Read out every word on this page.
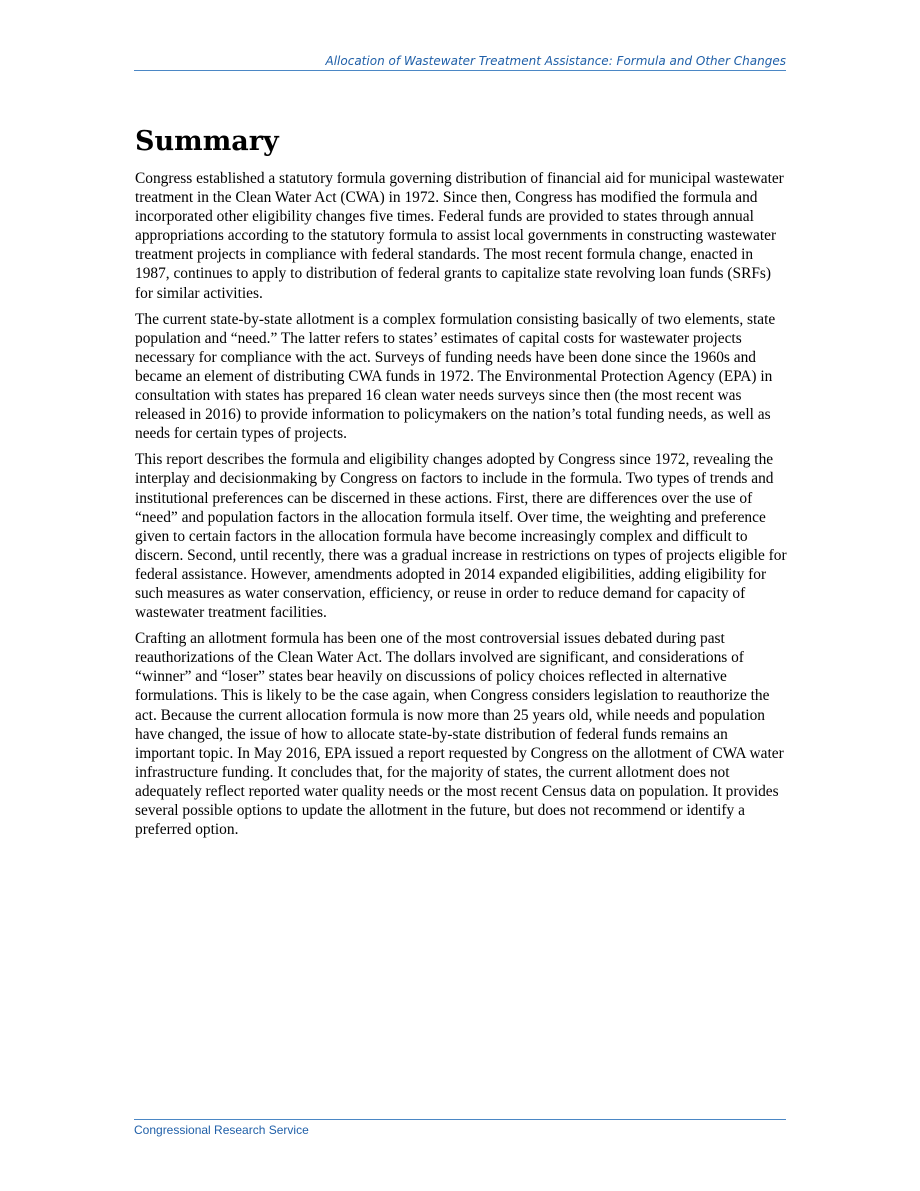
Allocation of Wastewater Treatment Assistance: Formula and Other Changes
Summary

Congress established a statutory formula governing distribution of financial aid for municipal wastewater treatment in the Clean Water Act (CWA) in 1972. Since then, Congress has modified the formula and incorporated other eligibility changes five times. Federal funds are provided to states through annual appropriations according to the statutory formula to assist local governments in constructing wastewater treatment projects in compliance with federal standards. The most recent formula change, enacted in 1987, continues to apply to distribution of federal grants to capitalize state revolving loan funds (SRFs) for similar activities.

The current state-by-state allotment is a complex formulation consisting basically of two elements, state population and “need.” The latter refers to states’ estimates of capital costs for wastewater projects necessary for compliance with the act. Surveys of funding needs have been done since the 1960s and became an element of distributing CWA funds in 1972. The Environmental Protection Agency (EPA) in consultation with states has prepared 16 clean water needs surveys since then (the most recent was released in 2016) to provide information to policymakers on the nation’s total funding needs, as well as needs for certain types of projects.

This report describes the formula and eligibility changes adopted by Congress since 1972, revealing the interplay and decisionmaking by Congress on factors to include in the formula. Two types of trends and institutional preferences can be discerned in these actions. First, there are differences over the use of “need” and population factors in the allocation formula itself. Over time, the weighting and preference given to certain factors in the allocation formula have become increasingly complex and difficult to discern. Second, until recently, there was a gradual increase in restrictions on types of projects eligible for federal assistance. However, amendments adopted in 2014 expanded eligibilities, adding eligibility for such measures as water conservation, efficiency, or reuse in order to reduce demand for capacity of wastewater treatment facilities.

Crafting an allotment formula has been one of the most controversial issues debated during past reauthorizations of the Clean Water Act. The dollars involved are significant, and considerations of “winner” and “loser” states bear heavily on discussions of policy choices reflected in alternative formulations. This is likely to be the case again, when Congress considers legislation to reauthorize the act. Because the current allocation formula is now more than 25 years old, while needs and population have changed, the issue of how to allocate state-by-state distribution of federal funds remains an important topic. In May 2016, EPA issued a report requested by Congress on the allotment of CWA water infrastructure funding. It concludes that, for the majority of states, the current allotment does not adequately reflect reported water quality needs or the most recent Census data on population. It provides several possible options to update the allotment in the future, but does not recommend or identify a preferred option.

Congressional Research Service
